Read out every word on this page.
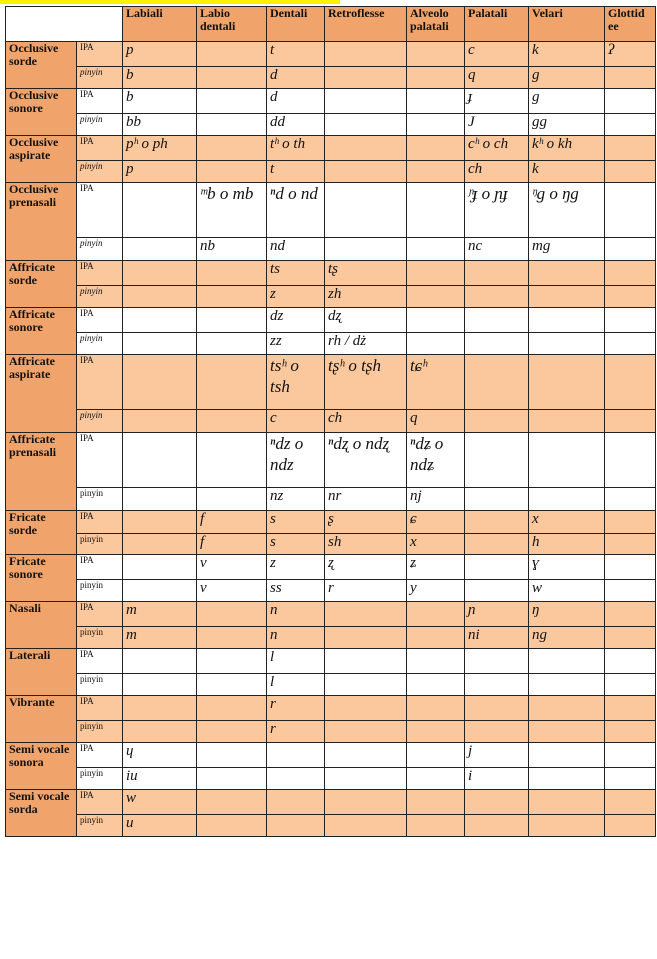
		Labiali	Labio dentali	Dentali	Retroflesse	Alveolo palatali	Palatali	Velari	Glottid ee
Occlusive sorde	IPA	p		t			c	k	ʔ
	pinyin	b		d			q	g	
Occlusive sonore	IPA	b		d			ɟ	g	
	pinyin	bb		dd			J	gg	
Occlusive aspirate	IPA	pʰ o ph		tʰ o th			cʰ o ch	kʰ o kh	
	pinyin	p		t			ch	k	
Occlusive prenasali	IPA		ᵐb o mb	ⁿd o nd			ᶮɟ o ɲɟ	ᵑg o ŋg	
	pinyin		nb	nd			nc	mg	
Affricate sorde	IPA			ts	tʂ				
	pinyin			z	zh				
Affricate sonore	IPA			dz	dʐ				
	pinyin			zz	rh / dż				
Affricate aspirate	IPA			tsʰ o tsh	tʂʰ o tʂh	tɕʰ			
	pinyin			c	ch	q			
Affricate prenasali	IPA			ⁿdz o ndz	ⁿdʐ o ndʐ	ⁿdʑ o ndʑ			
	pinyin			nz	nr	nj			
Fricate sorde	IPA		f	s	ʂ	ɕ		x	
	pinyin		f	s	sh	x		h	
Fricate sonore	IPA		v	z	ʐ	ʑ		ɣ	
	pinyin		v	ss	r	y		w	
Nasali	IPA	m		n			ɲ	ŋ	
	pinyin	m		n			ni	ng	
Laterali	IPA			l					
	pinyin			l					
Vibrante	IPA			r					
	pinyin			r					
Semi vocale sonora	IPA	ɥ					j		
	pinyin	iu					i		
Semi vocale sorda	IPA	w							
	pinyin	u							
